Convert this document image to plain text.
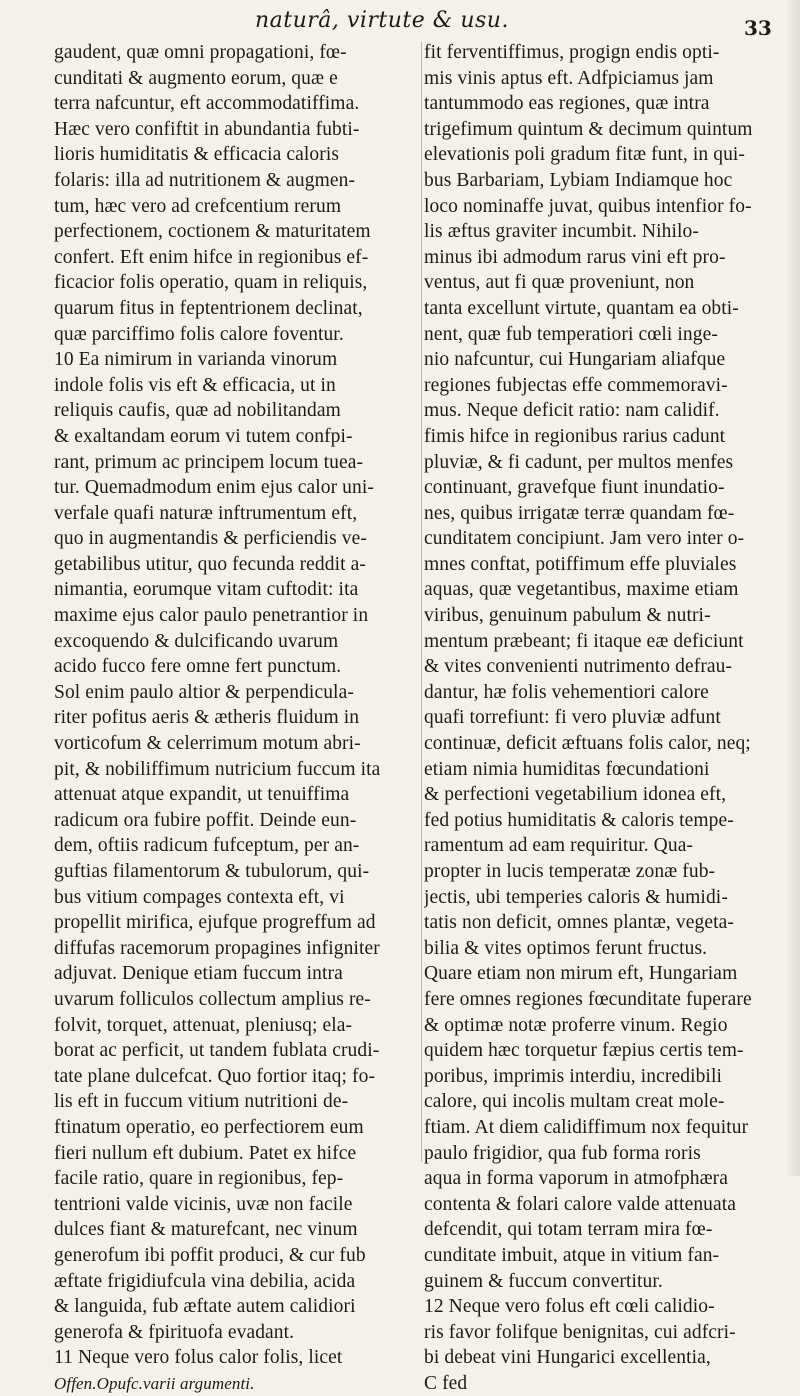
naturâ, virtute & usu.	33
gaudent, quæ omni propagationi, fœ-
cunditati & augmento eorum, quæ e
terra nafcuntur, eft accommodatiffima.
Hæc vero confiftit in abundantia fubti-
lioris humiditatis & efficacia caloris
folaris: illa ad nutritionem & augmen-
tum, hæc vero ad crefcentium rerum
perfectionem, coctionem & maturitatem
confert. Eft enim hifce in regionibus ef-
ficacior folis operatio, quam in reliquis,
quarum fitus in feptentrionem declinat,
quæ parciffimo folis calore foventur.
10 Ea nimirum in varianda vinorum
indole folis vis eft & efficacia, ut in
reliquis caufis, quæ ad nobilitandam
& exaltandam eorum vi tutem confpi-
rant, primum ac principem locum tuea-
tur. Quemadmodum enim ejus calor uni-
verfale quafi naturæ inftrumentum eft,
quo in augmentandis & perficiendis ve-
getabilibus utitur, quo fecunda reddit a-
nimantia, eorumque vitam cuftodit: ita
maxime ejus calor paulo penetrantior in
excoquendo & dulcificando uvarum
acido fucco fere omne fert punctum.
Sol enim paulo altior & perpendicula-
riter pofitus aeris & ætheris fluidum in
vorticofum & celerrimum motum abri-
pit, & nobiliffimum nutricium fuccum ita
attenuat atque expandit, ut tenuiffima
radicum ora fubire poffit. Deinde eun-
dem, oftiis radicum fufceptum, per an-
guftias filamentorum & tubulorum, qui-
bus vitium compages contexta eft, vi
propellit mirifica, ejufque progreffum ad
diffufas racemorum propagines infigniter
adjuvat. Denique etiam fuccum intra
uvarum folliculos collectum amplius re-
folvit, torquet, attenuat, pleniusq; ela-
borat ac perficit, ut tandem fublata crudi-
tate plane dulcefcat. Quo fortior itaq; fo-
lis eft in fuccum vitium nutritioni de-
ftinatum operatio, eo perfectiorem eum
fieri nullum eft dubium. Patet ex hifce
facile ratio, quare in regionibus, fep-
tentrioni valde vicinis, uvæ non facile
dulces fiant & maturefcant, nec vinum
generofum ibi poffit produci, & cur fub
æftate frigidiufcula vina debilia, acida
& languida, fub æftate autem calidiori
generofa & fpirituofa evadant.
11 Neque vero folus calor folis, licet
Offen.Opufc.varii argumenti.
fit ferventiffimus, progign endis opti-
mis vinis aptus eft. Adfpiciamus jam
tantummodo eas regiones, quæ intra
trigefimum quintum & decimum quintum
elevationis poli gradum fitæ funt, in qui-
bus Barbariam, Lybiam Indiamque hoc
loco nominaffe juvat, quibus intenfior fo-
lis æftus graviter incumbit. Nihilo-
minus ibi admodum rarus vini eft pro-
ventus, aut fi quæ proveniunt, non
tanta excellunt virtute, quantam ea obti-
nent, quæ fub temperatiori cœli inge-
nio nafcuntur, cui Hungariam aliafque
regiones fubjectas effe commemoravi-
mus. Neque deficit ratio: nam calidif.
fimis hifce in regionibus rarius cadunt
pluviæ, & fi cadunt, per multos menfes
continuant, gravefque fiunt inundatio-
nes, quibus irrigatæ terræ quandam fœ-
cunditatem concipiunt. Jam vero inter o-
mnes conftat, potiffimum effe pluviales
aquas, quæ vegetantibus, maxime etiam
viribus, genuinum pabulum & nutri-
mentum præbeant; fi itaque eæ deficiunt
& vites convenienti nutrimento defrau-
dantur, hæ folis vehementiori calore
quafi torrefiunt: fi vero pluviæ adfunt
continuæ, deficit æftuans folis calor, neq;
etiam nimia humiditas fœcundationi
& perfectioni vegetabilium idonea eft,
fed potius humiditatis & caloris tempe-
ramentum ad eam requiritur. Qua-
propter in lucis temperatæ zonæ fub-
jectis, ubi temperies caloris & humidi-
tatis non deficit, omnes plantæ, vegeta-
bilia & vites optimos ferunt fructus.
Quare etiam non mirum eft, Hungariam
fere omnes regiones fœcunditate fuperare
& optimæ notæ proferre vinum. Regio
quidem hæc torquetur fæpius certis tem-
poribus, imprimis interdiu, incredibili
calore, qui incolis multam creat mole-
ftiam. At diem calidiffimum nox fequitur
paulo frigidior, qua fub forma roris
aqua in forma vaporum in atmofphæra
contenta & folari calore valde attenuata
defcendit, qui totam terram mira fœ-
cunditate imbuit, atque in vitium fan-
guinem & fuccum convertitur.
12 Neque vero folus eft cœli calidio-
ris favor folifque benignitas, cui adfcri-
bi debeat vini Hungarici excellentia,
C fed
